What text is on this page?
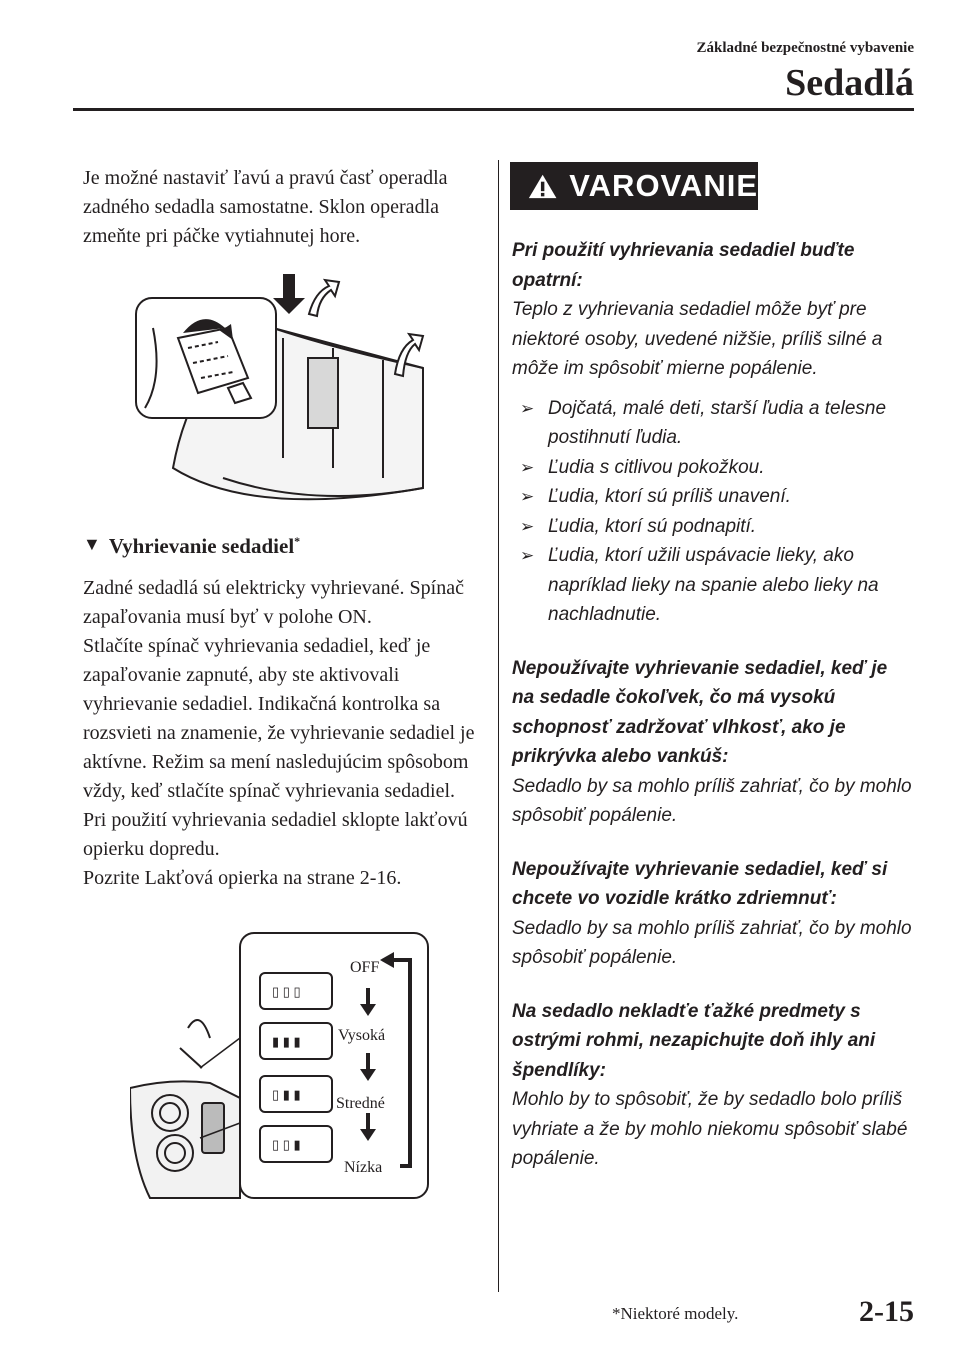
Základné bezpečnostné vybavenie
Sedadlá

Je možné nastaviť ľavú a pravú časť operadla zadného sedadla samostatne. Sklon operadla zmeňte pri páčke vytiahnutej hore.

▼ Vyhrievanie sedadiel*

Zadné sedadlá sú elektricky vyhrievané. Spínač zapaľovania musí byť v polohe ON.
Stlačíte spínač vyhrievania sedadiel, keď je zapaľovanie zapnuté, aby ste aktivovali vyhrievanie sedadiel. Indikačná kontrolka sa rozsvieti na znamenie, že vyhrievanie sedadiel je aktívne. Režim sa mení nasledujúcim spôsobom vždy, keď stlačíte spínač vyhrievania sedadiel.
Pri použití vyhrievania sedadiel sklopte lakťovú opierku dopredu.
Pozrite Lakťová opierka na strane 2-16.

▯ ▯ ▯
▮ ▮ ▮
▯ ▮ ▮
▯ ▯ ▮
OFF
Vysoká
Stredné
Nízka
VAROVANIE

Pri použití vyhrievania sedadiel buďte opatrní:

Teplo z vyhrievania sedadiel môže byť pre niektoré osoby, uvedené nižšie, príliš silné a môže im spôsobiť mierne popálenie.

➢ Dojčatá, malé deti, starší ľudia a telesne postihnutí ľudia.
➢ Ľudia s citlivou pokožkou.
➢ Ľudia, ktorí sú príliš unavení.
➢ Ľudia, ktorí sú podnapití.
➢ Ľudia, ktorí užili uspávacie lieky, ako napríklad lieky na spanie alebo lieky na nachladnutie.

Nepoužívajte vyhrievanie sedadiel, keď je na sedadle čokoľvek, čo má vysokú schopnosť zadržovať vlhkosť, ako je prikrývka alebo vankúš:

Sedadlo by sa mohlo príliš zahriať, čo by mohlo spôsobiť popálenie.

Nepoužívajte vyhrievanie sedadiel, keď si chcete vo vozidle krátko zdriemnuť:

Sedadlo by sa mohlo príliš zahriať, čo by mohlo spôsobiť popálenie.

Na sedadlo nekladťe ťažké predmety s ostrými rohmi, nezapichujte doň ihly ani špendlíky:

Mohlo by to spôsobiť, že by sedadlo bolo príliš vyhriate a že by mohlo niekomu spôsobiť slabé popálenie.

*Niektoré modely.	2-15
